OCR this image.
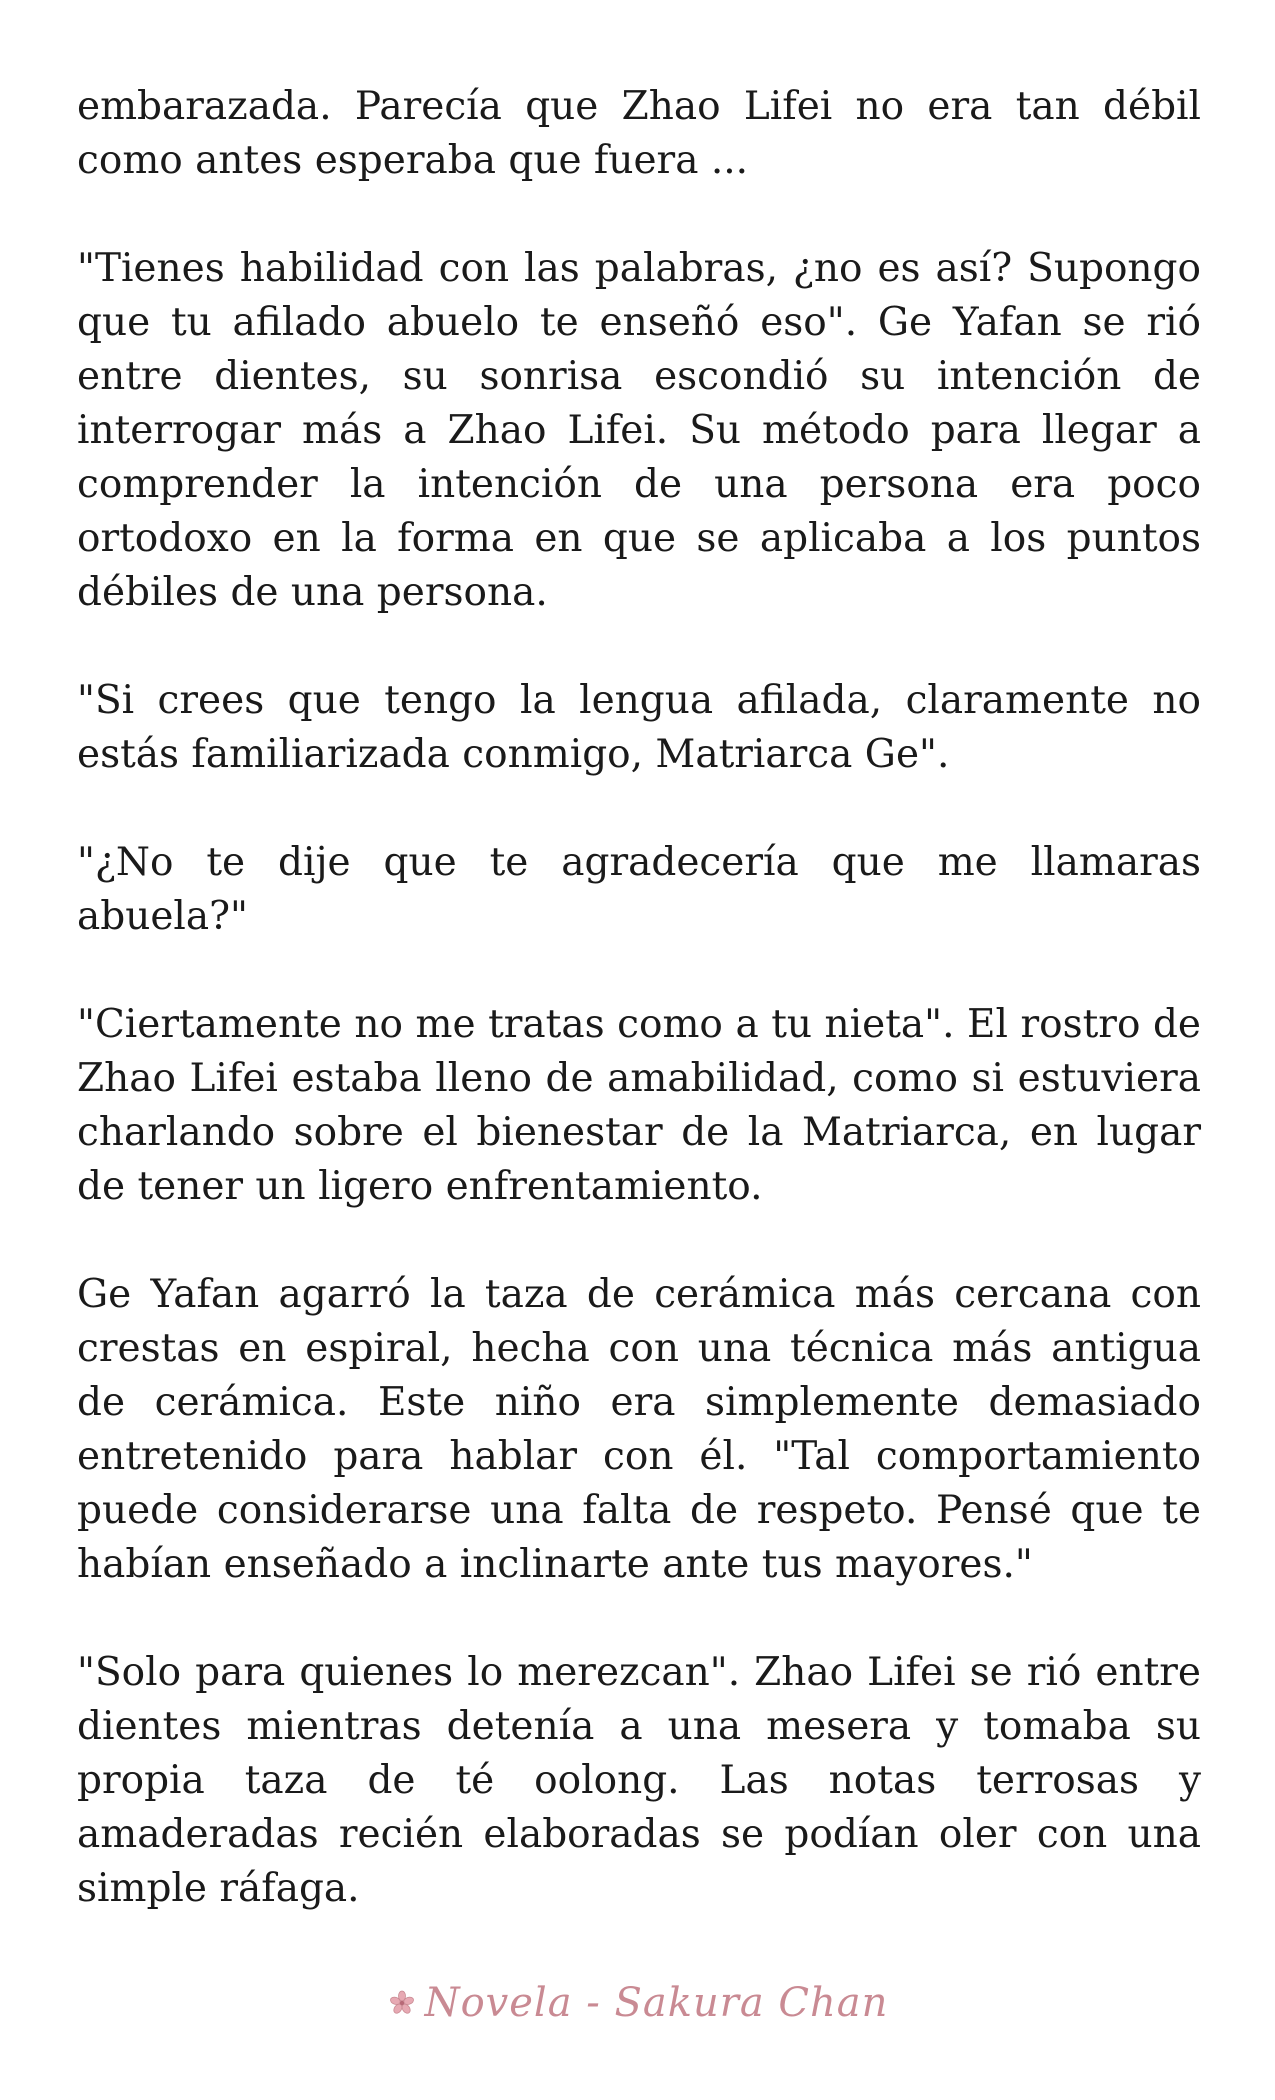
embarazada. Parecía que Zhao Lifei no era tan débil como antes esperaba que fuera ...

"Tienes habilidad con las palabras, ¿no es así? Supongo que tu afilado abuelo te enseñó eso". Ge Yafan se rió entre dientes, su sonrisa escondió su intención de interrogar más a Zhao Lifei. Su método para llegar a comprender la intención de una persona era poco ortodoxo en la forma en que se aplicaba a los puntos débiles de una persona.

"Si crees que tengo la lengua afilada, claramente no estás familiarizada conmigo, Matriarca Ge".

"¿No te dije que te agradecería que me llamaras abuela?"

"Ciertamente no me tratas como a tu nieta". El rostro de Zhao Lifei estaba lleno de amabilidad, como si estuviera charlando sobre el bienestar de la Matriarca, en lugar de tener un ligero enfrentamiento.

Ge Yafan agarró la taza de cerámica más cercana con crestas en espiral, hecha con una técnica más antigua de cerámica. Este niño era simplemente demasiado entretenido para hablar con él. "Tal comportamiento puede considerarse una falta de respeto. Pensé que te habían enseñado a inclinarte ante tus mayores."

"Solo para quienes lo merezcan". Zhao Lifei se rió entre dientes mientras detenía a una mesera y tomaba su propia taza de té oolong. Las notas terrosas y amaderadas recién elaboradas se podían oler con una simple ráfaga.

Novela - Sakura Chan
